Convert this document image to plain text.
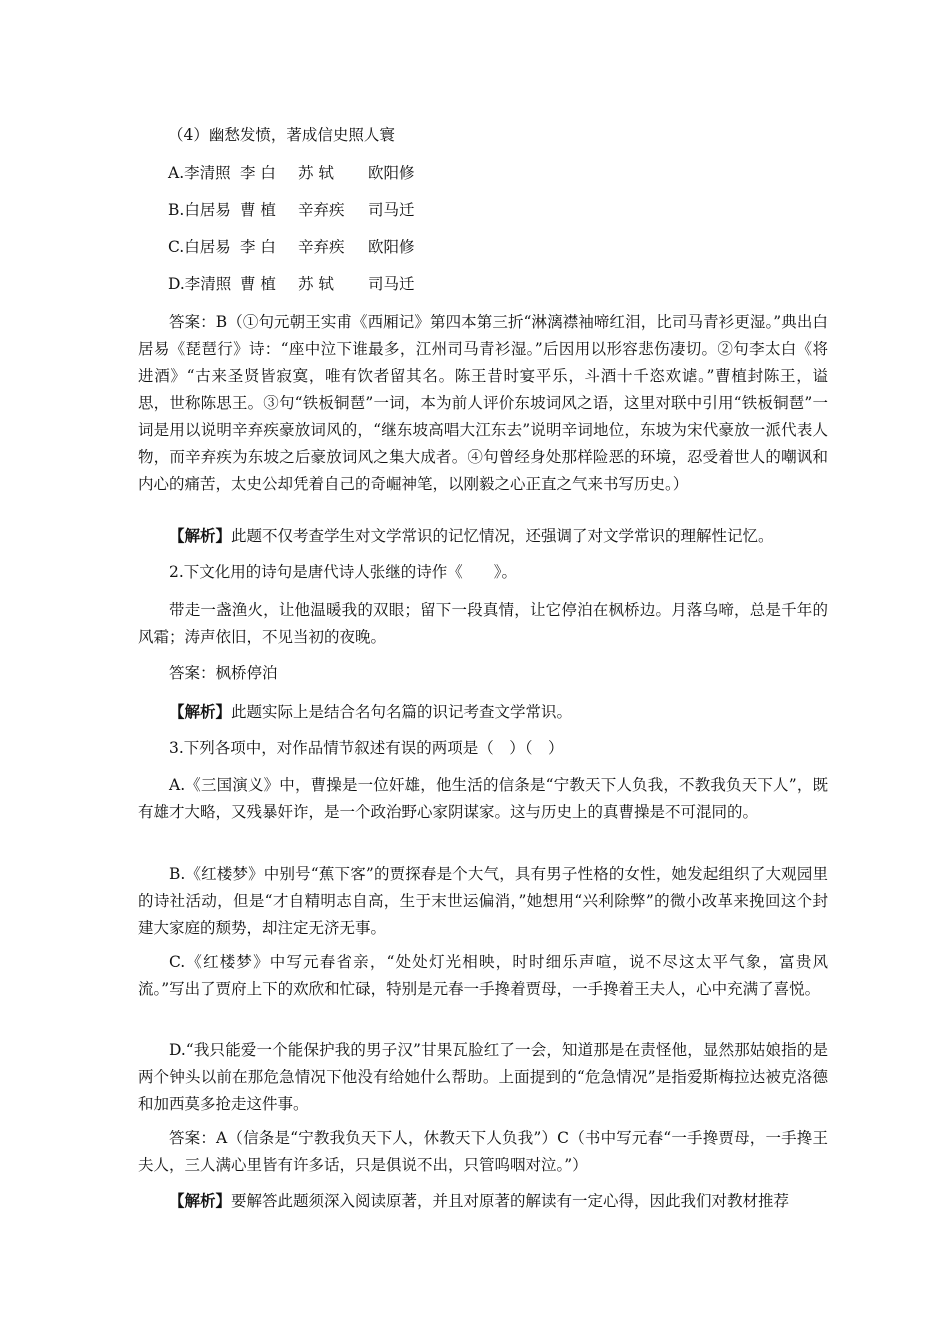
（4）幽愁发愤，著成信史照人寰

A.李清照 李 白 苏 轼 欧阳修

B.白居易 曹 植 辛弃疾 司马迁

C.白居易 李 白 辛弃疾 欧阳修

D.李清照 曹 植 苏 轼 司马迁

答案：B（①句元朝王实甫《西厢记》第四本第三折“淋漓襟袖啼红泪，比司马青衫更湿。”典出白居易《琵琶行》诗：“座中泣下谁最多，江州司马青衫湿。”后因用以形容悲伤凄切。②句李太白《将进酒》“古来圣贤皆寂寞，唯有饮者留其名。陈王昔时宴平乐，斗酒十千恣欢谑。”曹植封陈王，谥思，世称陈思王。③句“铁板铜琶”一词，本为前人评价东坡词风之语，这里对联中引用“铁板铜琶”一词是用以说明辛弃疾豪放词风的，“继东坡高唱大江东去”说明辛词地位，东坡为宋代豪放一派代表人物，而辛弃疾为东坡之后豪放词风之集大成者。④句曾经身处那样险恶的环境，忍受着世人的嘲讽和内心的痛苦，太史公却凭着自己的奇崛神笔，以刚毅之心正直之气来书写历史。）

【解析】此题不仅考查学生对文学常识的记忆情况，还强调了对文学常识的理解性记忆。

2.下文化用的诗句是唐代诗人张继的诗作《　　》。

带走一盏渔火，让他温暖我的双眼；留下一段真情，让它停泊在枫桥边。月落乌啼，总是千年的风霜；涛声依旧，不见当初的夜晚。

答案：枫桥停泊

【解析】此题实际上是结合名句名篇的识记考查文学常识。

3.下列各项中，对作品情节叙述有误的两项是（　）（　）

A.《三国演义》中，曹操是一位奸雄，他生活的信条是“宁教天下人负我，不教我负天下人”，既有雄才大略，又残暴奸诈，是一个政治野心家阴谋家。这与历史上的真曹操是不可混同的。

B.《红楼梦》中别号“蕉下客”的贾探春是个大气，具有男子性格的女性，她发起组织了大观园里的诗社活动，但是“才自精明志自高，生于末世运偏消，”她想用“兴利除弊”的微小改革来挽回这个封建大家庭的颓势，却注定无济无事。

C.《红楼梦》中写元春省亲，“处处灯光相映，时时细乐声喧，说不尽这太平气象，富贵风流。”写出了贾府上下的欢欣和忙碌，特别是元春一手搀着贾母，一手搀着王夫人，心中充满了喜悦。

D.“我只能爱一个能保护我的男子汉”甘果瓦脸红了一会，知道那是在责怪他，显然那姑娘指的是两个钟头以前在那危急情况下他没有给她什么帮助。上面提到的“危急情况”是指爱斯梅拉达被克洛德和加西莫多抢走这件事。

答案：A（信条是“宁教我负天下人，休教天下人负我”）C（书中写元春“一手搀贾母，一手搀王夫人，三人满心里皆有许多话，只是俱说不出，只管呜咽对泣。”）

【解析】要解答此题须深入阅读原著，并且对原著的解读有一定心得，因此我们对教材推荐
